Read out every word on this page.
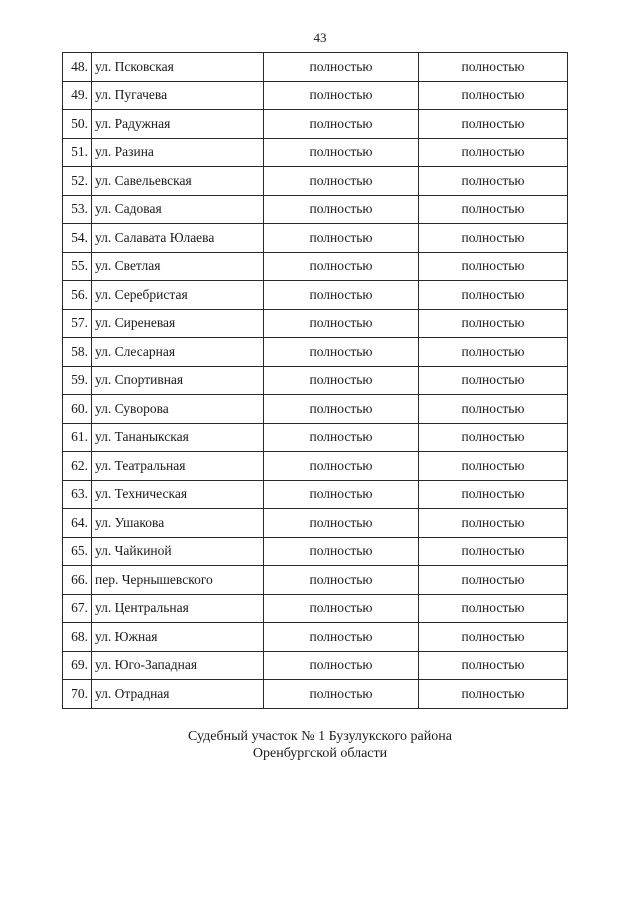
43
48.	ул. Псковская	полностью	полностью
49.	ул. Пугачева	полностью	полностью
50.	ул. Радужная	полностью	полностью
51.	ул. Разина	полностью	полностью
52.	ул. Савельевская	полностью	полностью
53.	ул. Садовая	полностью	полностью
54.	ул. Салавата Юлаева	полностью	полностью
55.	ул. Светлая	полностью	полностью
56.	ул. Серебристая	полностью	полностью
57.	ул. Сиреневая	полностью	полностью
58.	ул. Слесарная	полностью	полностью
59.	ул. Спортивная	полностью	полностью
60.	ул. Суворова	полностью	полностью
61.	ул. Тананыкская	полностью	полностью
62.	ул. Театральная	полностью	полностью
63.	ул. Техническая	полностью	полностью
64.	ул. Ушакова	полностью	полностью
65.	ул. Чайкиной	полностью	полностью
66.	пер. Чернышевского	полностью	полностью
67.	ул. Центральная	полностью	полностью
68.	ул. Южная	полностью	полностью
69.	ул. Юго-Западная	полностью	полностью
70.	ул. Отрадная	полностью	полностью
Судебный участок № 1 Бузулукского района
Оренбургской области
